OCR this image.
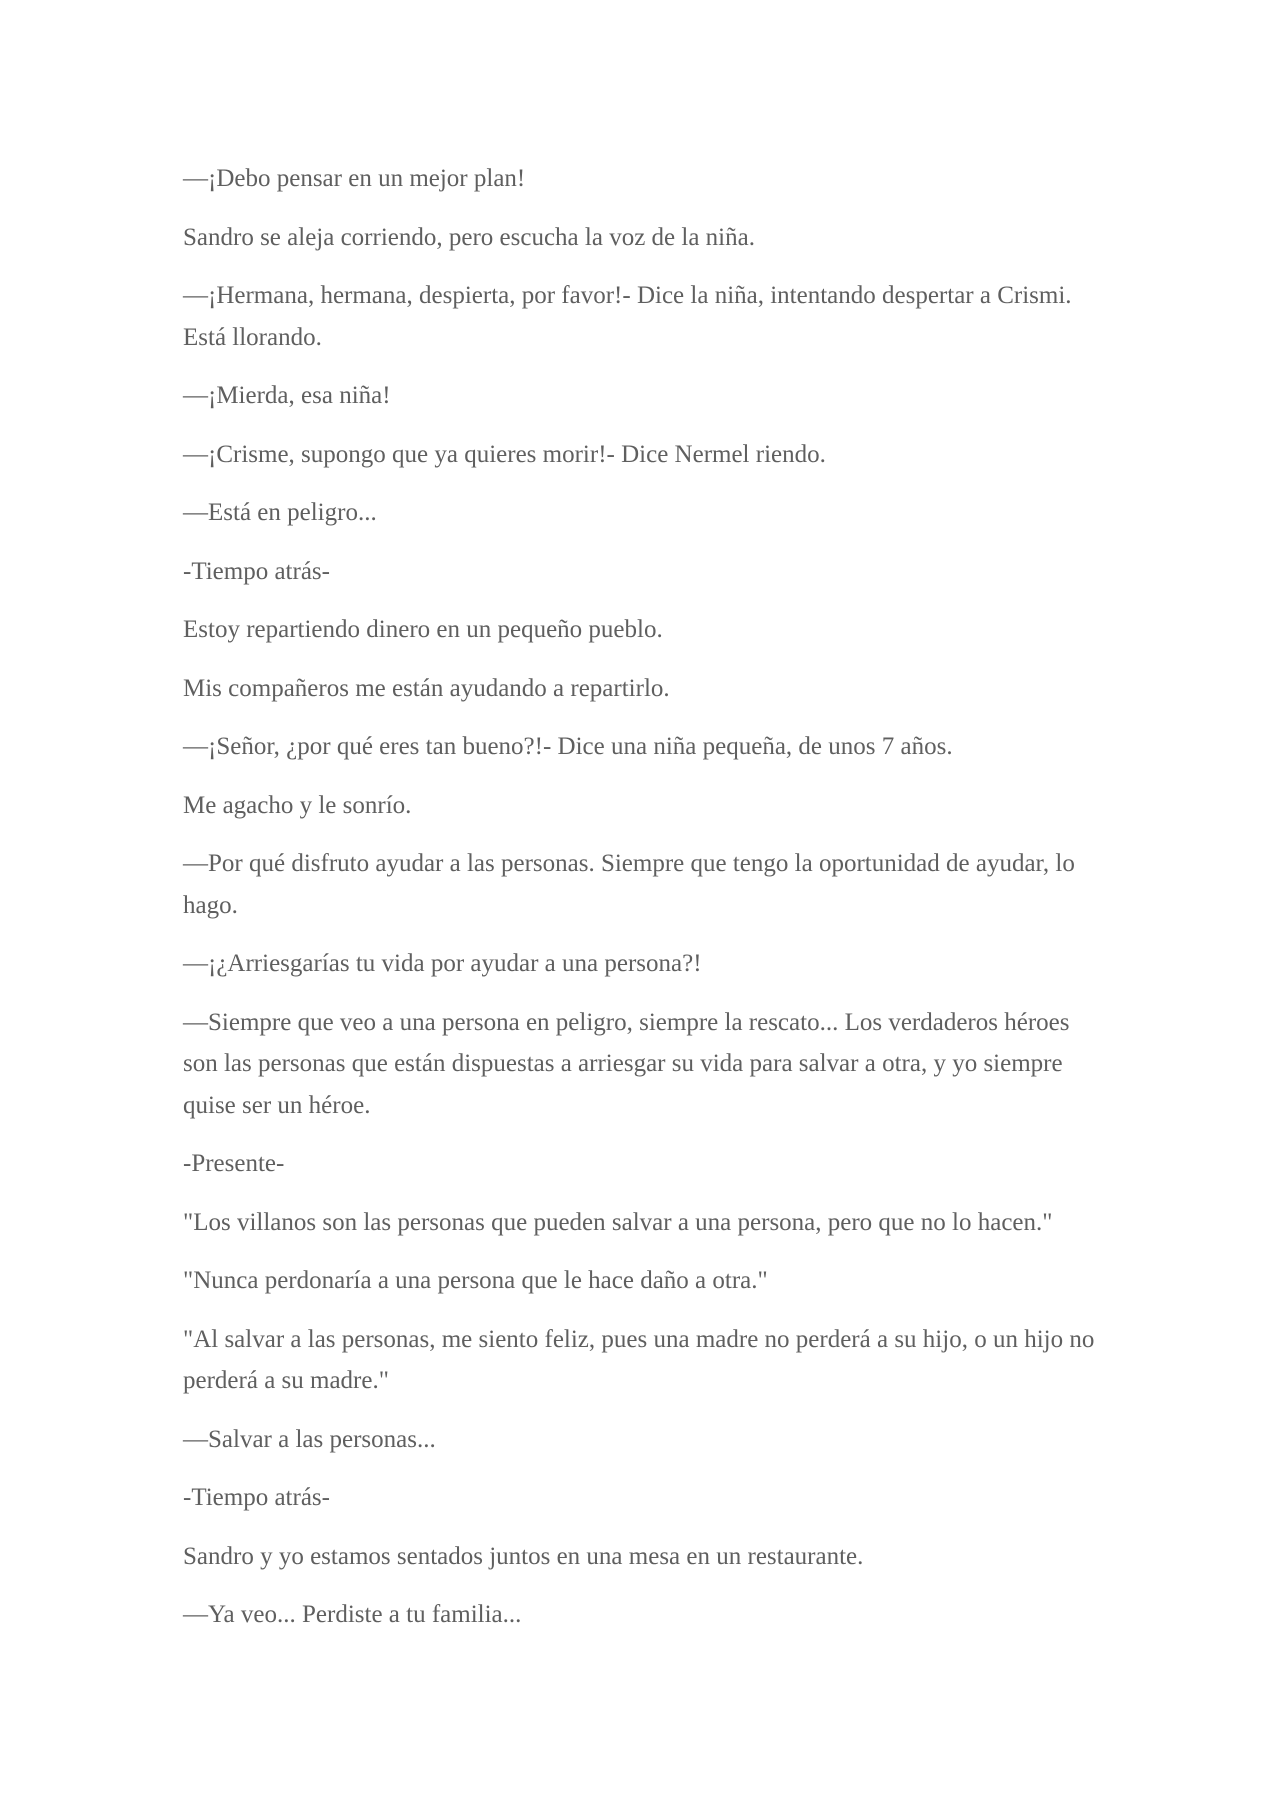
—¡Debo pensar en un mejor plan!

Sandro se aleja corriendo, pero escucha la voz de la niña.

—¡Hermana, hermana, despierta, por favor!- Dice la niña, intentando despertar a Crismi. Está llorando.

—¡Mierda, esa niña!

—¡Crisme, supongo que ya quieres morir!- Dice Nermel riendo.

—Está en peligro...

-Tiempo atrás-

Estoy repartiendo dinero en un pequeño pueblo.

Mis compañeros me están ayudando a repartirlo.

—¡Señor, ¿por qué eres tan bueno?!- Dice una niña pequeña, de unos 7 años.

Me agacho y le sonrío.

—Por qué disfruto ayudar a las personas. Siempre que tengo la oportunidad de ayudar, lo hago.

—¡¿Arriesgarías tu vida por ayudar a una persona?!

—Siempre que veo a una persona en peligro, siempre la rescato... Los verdaderos héroes son las personas que están dispuestas a arriesgar su vida para salvar a otra, y yo siempre quise ser un héroe.

-Presente-

"Los villanos son las personas que pueden salvar a una persona, pero que no lo hacen."

"Nunca perdonaría a una persona que le hace daño a otra."

"Al salvar a las personas, me siento feliz, pues una madre no perderá a su hijo, o un hijo no perderá a su madre."

—Salvar a las personas...

-Tiempo atrás-

Sandro y yo estamos sentados juntos en una mesa en un restaurante.

—Ya veo... Perdiste a tu familia...
